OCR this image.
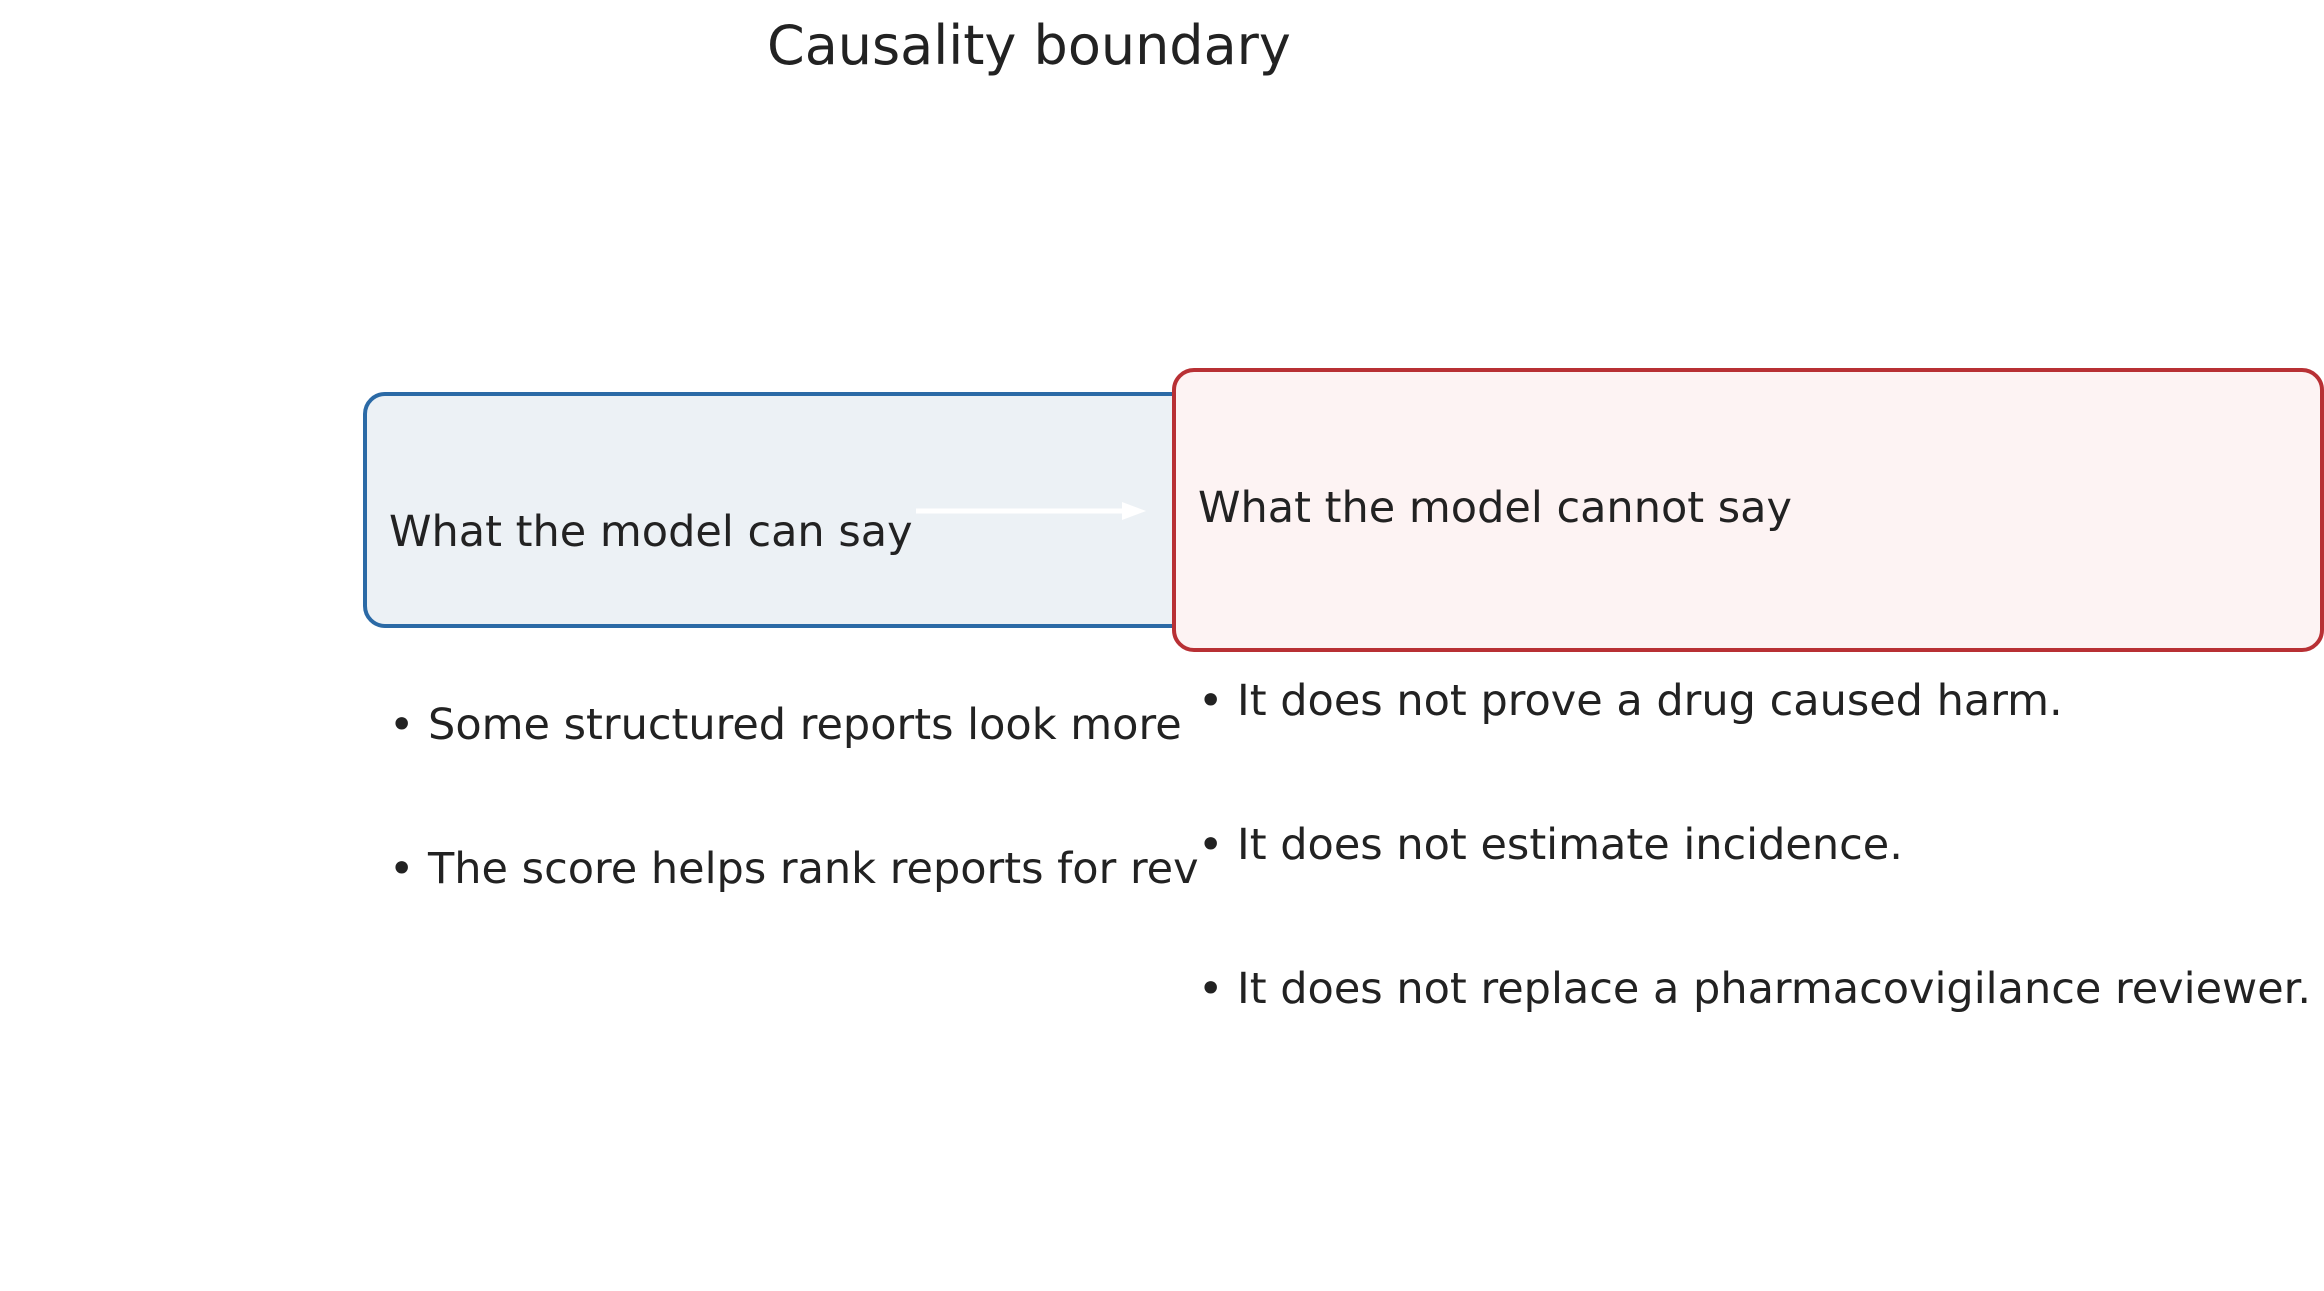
Causality boundary

What the model can say

• Some structured reports look more

• The score helps rank reports for rev

What the model cannot say

• It does not prove a drug caused harm.

• It does not estimate incidence.

• It does not replace a pharmacovigilance reviewer.
